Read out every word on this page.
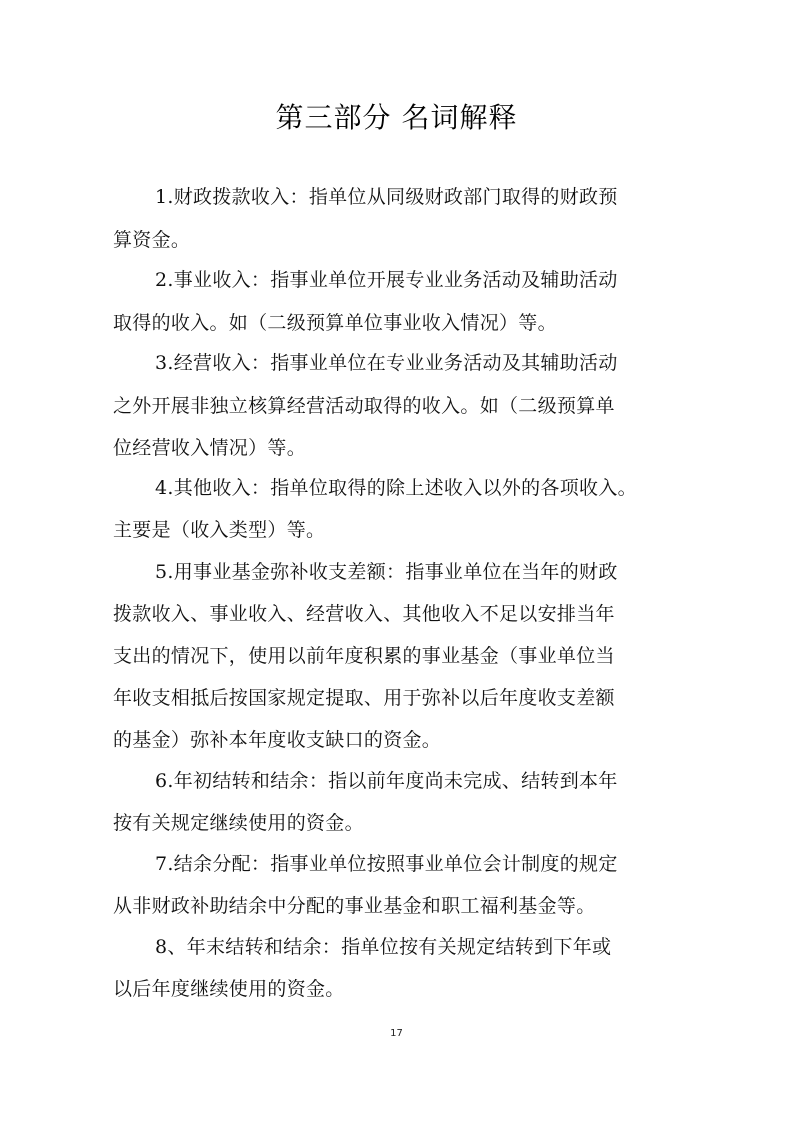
第三部分 名词解释
1.财政拨款收入：指单位从同级财政部门取得的财政预
算资金。
2.事业收入：指事业单位开展专业业务活动及辅助活动
取得的收入。如（二级预算单位事业收入情况）等。
3.经营收入：指事业单位在专业业务活动及其辅助活动
之外开展非独立核算经营活动取得的收入。如（二级预算单
位经营收入情况）等。
4.其他收入：指单位取得的除上述收入以外的各项收入。
主要是（收入类型）等。
5.用事业基金弥补收支差额：指事业单位在当年的财政
拨款收入、事业收入、经营收入、其他收入不足以安排当年
支出的情况下，使用以前年度积累的事业基金（事业单位当
年收支相抵后按国家规定提取、用于弥补以后年度收支差额
的基金）弥补本年度收支缺口的资金。
6.年初结转和结余：指以前年度尚未完成、结转到本年
按有关规定继续使用的资金。
7.结余分配：指事业单位按照事业单位会计制度的规定
从非财政补助结余中分配的事业基金和职工福利基金等。
8、年末结转和结余：指单位按有关规定结转到下年或
以后年度继续使用的资金。
17
